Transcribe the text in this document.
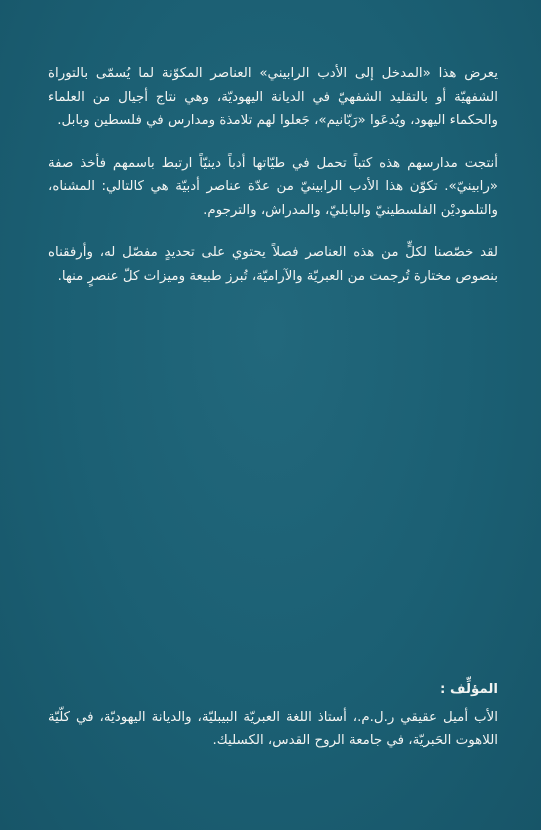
يعرض هذا «المدخل إلى الأدب الرابيني» العناصر المكوّنة لما يُسمّى بالتوراة الشفهيّة أو بالتقليد الشفهيّ في الديانة اليهوديّة، وهي نتاج أجيال من العلماء والحكماء اليهود، ويُدعَوا «رَبّانيم»، جَعلوا لهم تلامذة ومدارس في فلسطين وبابل.

أنتجت مدارسهم هذه كتباً تحمل في طيّاتها أدباً دينيّاً ارتبط باسمهم فأخذ صفة «رابينيّ». تكوّن هذا الأدب الرابينيّ من عدّة عناصر أدبيّة هي كالتالي: المشناه، والتلموديْن الفلسطينيّ والبابليّ، والمدراش، والترجوم.

لقد خصّصنا لكلٍّ من هذه العناصر فصلاً يحتوي على تحديدٍ مفصّل له، وأرفقناه بنصوص مختارة تُرجمت من العبريّة والآراميّة، تُبرز طبيعة وميزات كلّ عنصرٍ منها.

المؤلِّف :

الأب أميل عقيقي ر.ل.م.، أستاذ اللغة العبريّة البيبليّة، والديانة اليهوديّة، في كلّيّة اللاهوت الحَبريّة، في جامعة الروح القدس، الكسليك.
